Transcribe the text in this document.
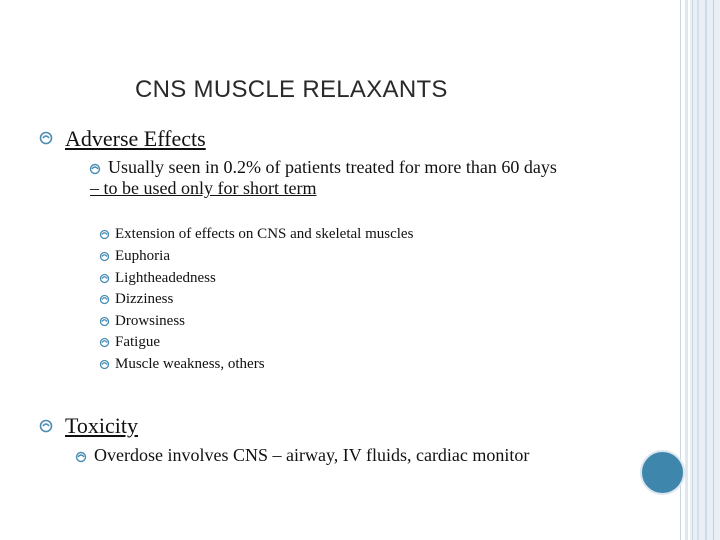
CNS MUSCLE RELAXANTS
Adverse Effects
Usually seen in 0.2% of patients treated for more than 60 days
– to be used only for short term
Extension of effects on CNS and skeletal muscles
Euphoria
Lightheadedness
Dizziness
Drowsiness
Fatigue
Muscle weakness, others
Toxicity
Overdose involves CNS – airway, IV fluids, cardiac monitor
